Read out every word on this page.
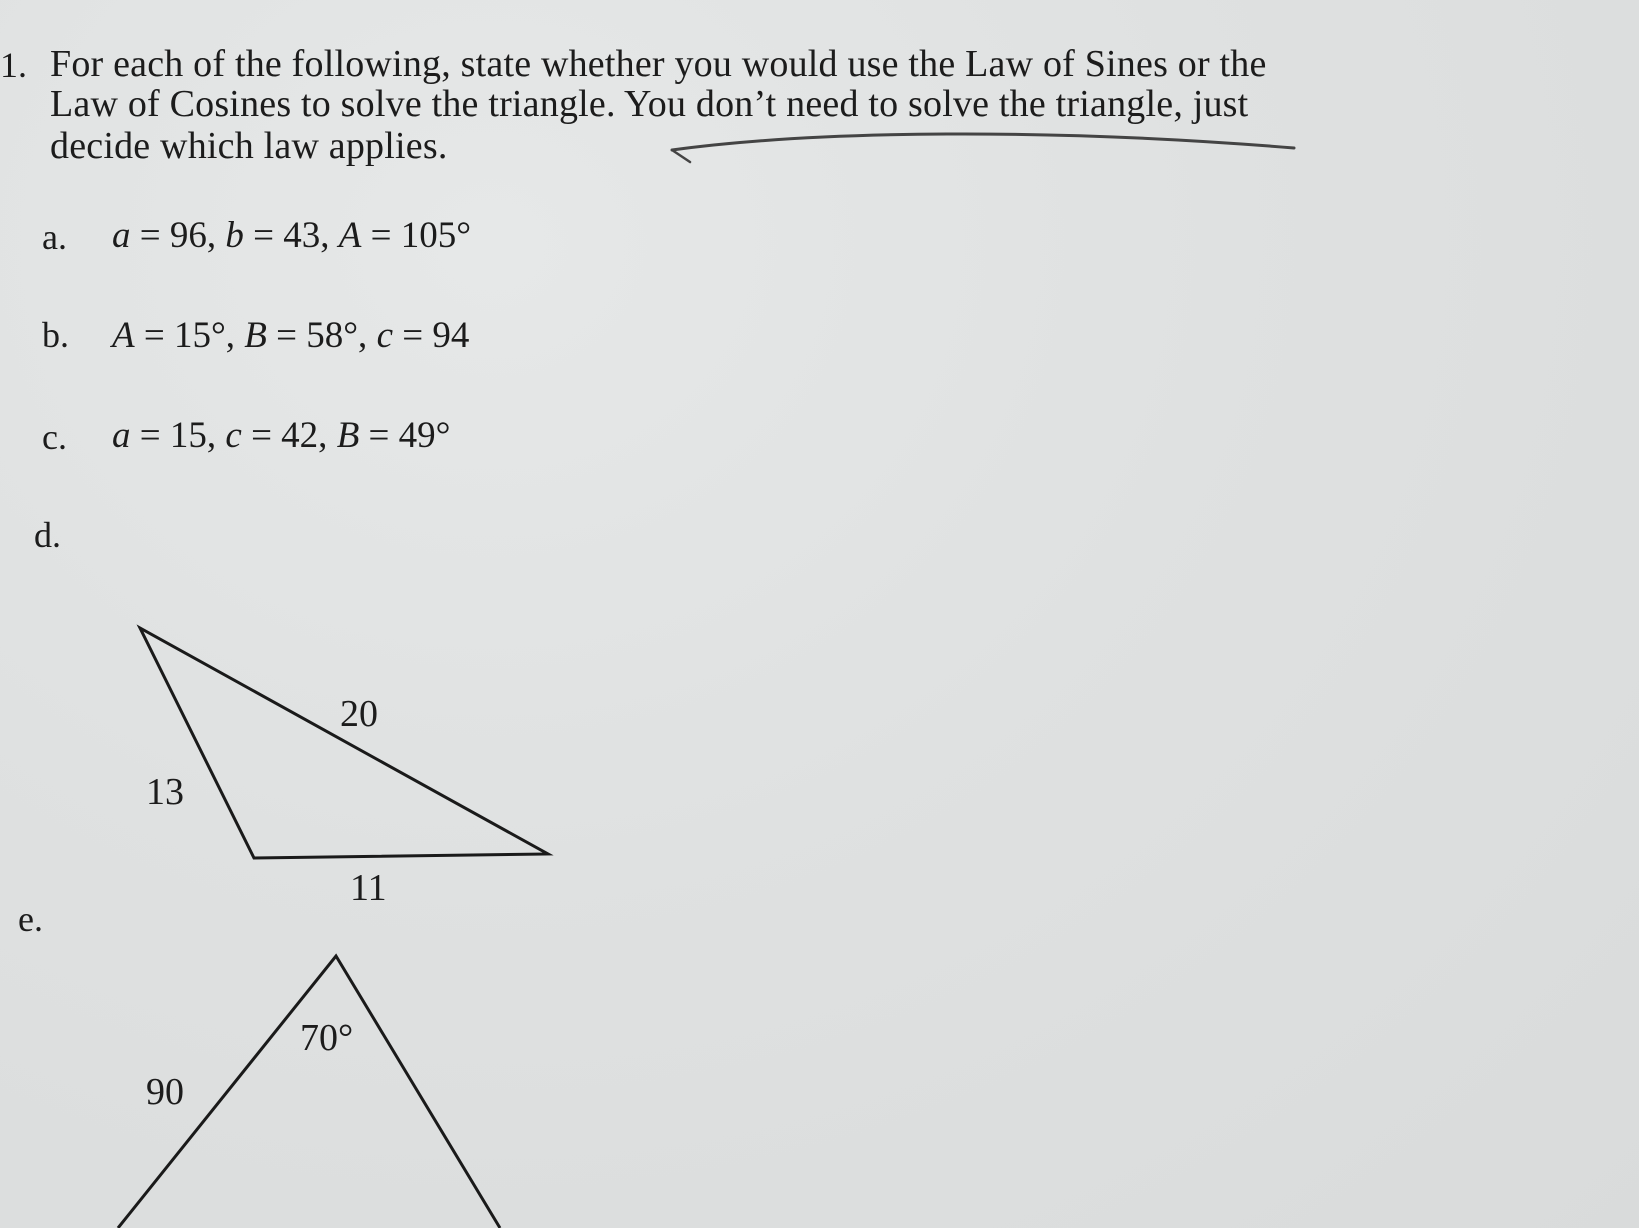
1. For each of the following, state whether you would use the Law of Sines or the
Law of Cosines to solve the triangle. You don’t need to solve the triangle, just
decide which law applies.
a. a = 96, b = 43, A = 105°
b. A = 15°, B = 58°, c = 94
c. a = 15, c = 42, B = 49°
d.
20
13
11
e.
70°
90
